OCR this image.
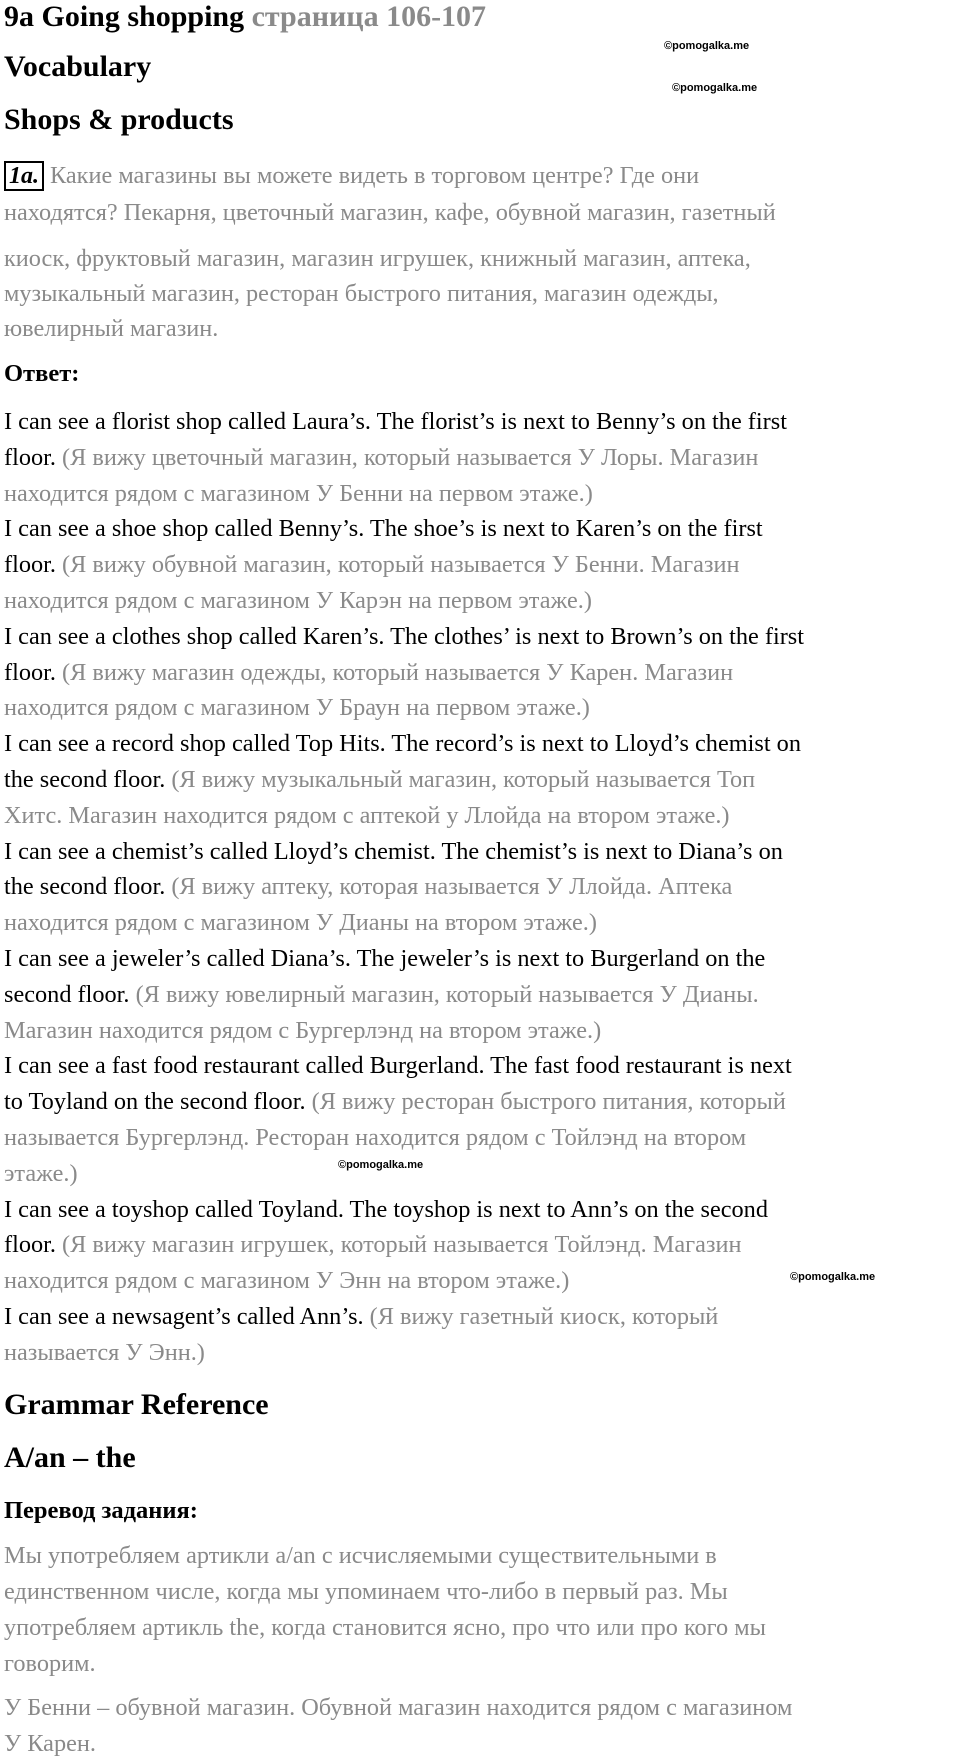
9a Going shopping страница 106-107
©pomogalka.me
©pomogalka.me
Vocabulary
Shops & products
1a. Какие магазины вы можете видеть в торговом центре? Где они
находятся? Пекарня, цветочный магазин, кафе, обувной магазин, газетный
киоск, фруктовый магазин, магазин игрушек, книжный магазин, аптека,
музыкальный магазин, ресторан быстрого питания, магазин одежды,
ювелирный магазин.
Ответ:
I can see a florist shop called Laura’s. The florist’s is next to Benny’s on the first
floor. (Я вижу цветочный магазин, который называется У Лоры. Магазин
находится рядом с магазином У Бенни на первом этаже.)
I can see a shoe shop called Benny’s. The shoe’s is next to Karen’s on the first
floor. (Я вижу обувной магазин, который называется У Бенни. Магазин
находится рядом с магазином У Карэн на первом этаже.)
I can see a clothes shop called Karen’s. The clothes’ is next to Brown’s on the first
floor. (Я вижу магазин одежды, который называется У Карен. Магазин
находится рядом с магазином У Браун на первом этаже.)
I can see a record shop called Top Hits. The record’s is next to Lloyd’s chemist on
the second floor. (Я вижу музыкальный магазин, который называется Топ
Хитс. Магазин находится рядом с аптекой у Ллойда на втором этаже.)
I can see a chemist’s called Lloyd’s chemist. The chemist’s is next to Diana’s on
the second floor. (Я вижу аптеку, которая называется У Ллойда. Аптека
находится рядом с магазином У Дианы на втором этаже.)
I can see a jeweler’s called Diana’s. The jeweler’s is next to Burgerland on the
second floor. (Я вижу ювелирный магазин, который называется У Дианы.
Магазин находится рядом с Бургерлэнд на втором этаже.)
I can see a fast food restaurant called Burgerland. The fast food restaurant is next
to Toyland on the second floor. (Я вижу ресторан быстрого питания, который
называется Бургерлэнд. Ресторан находится рядом с Тойлэнд на втором
этаже.)
I can see a toyshop called Toyland. The toyshop is next to Ann’s on the second
floor. (Я вижу магазин игрушек, который называется Тойлэнд. Магазин
находится рядом с магазином У Энн на втором этаже.)
I can see a newsagent’s called Ann’s. (Я вижу газетный киоск, который
называется У Энн.)
©pomogalka.me
©pomogalka.me
Grammar Reference
A/an – the
Перевод задания:
Мы употребляем артикли a/an с исчисляемыми существительными в
единственном числе, когда мы упоминаем что-либо в первый раз. Мы
употребляем артикль the, когда становится ясно, про что или про кого мы
говорим.
У Бенни – обувной магазин. Обувной магазин находится рядом с магазином
У Карен.
